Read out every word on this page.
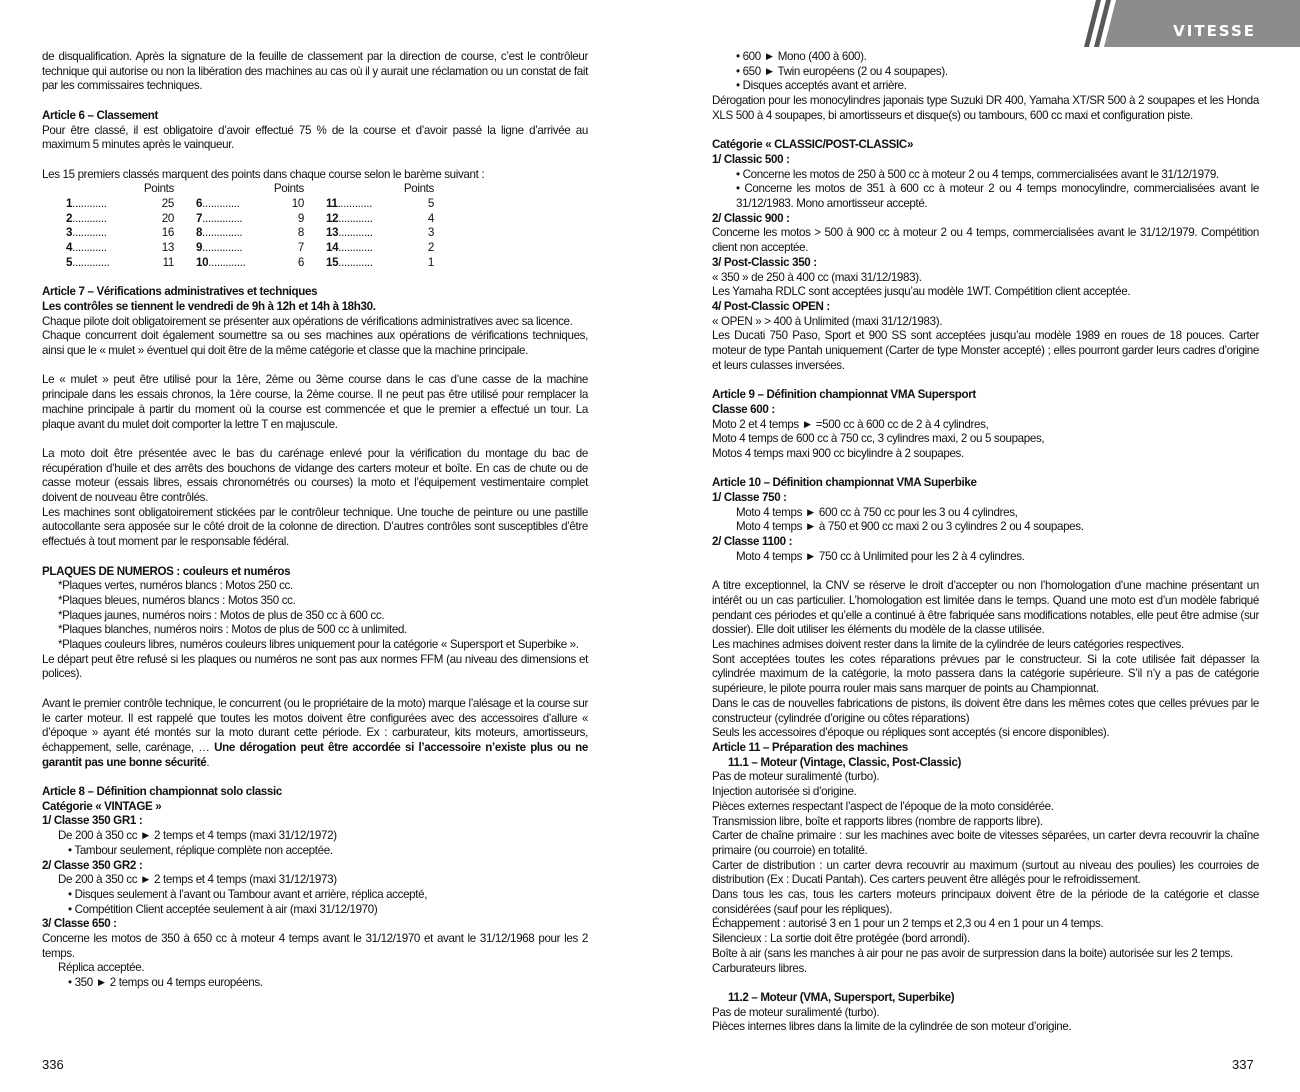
de disqualification. Après la signature de la feuille de classement par la direction de course, c’est le contrôleur technique qui autorise ou non la libération des machines au cas où il y aurait une réclamation ou un constat de fait par les commissaires techniques.

Article 6 – Classement

Pour être classé, il est obligatoire d’avoir effectué 75 % de la course et d’avoir passé la ligne d’arrivée au maximum 5 minutes après le vainqueur.

Les 15 premiers classés marquent des points dans chaque course selon le barème suivant :

Points	Points	Points

1 ............ 25	6 ............. 10	11 ............ 5

2 ............ 20	7 .............. 9	12 ............ 4

3 ............ 16	8 .............. 8	13 ............ 3

4 ............ 13	9 .............. 7	14 ............ 2

5 ............. 11	10 ............. 6	15 ............ 1

Article 7 – Vérifications administratives et techniques

Les contrôles se tiennent le vendredi de 9h à 12h et 14h à 18h30.

Chaque pilote doit obligatoirement se présenter aux opérations de vérifications administratives avec sa licence.

Chaque concurrent doit également soumettre sa ou ses machines aux opérations de vérifications techniques, ainsi que le « mulet » éventuel qui doit être de la même catégorie et classe que la machine principale.

Le « mulet » peut être utilisé pour la 1ère, 2ème ou 3ème course dans le cas d’une casse de la machine principale dans les essais chronos, la 1ère course, la 2ème course. Il ne peut pas être utilisé pour remplacer la machine principale à partir du moment où la course est commencée et que le premier a effectué un tour. La plaque avant du mulet doit comporter la lettre T en majuscule.

La moto doit être présentée avec le bas du carénage enlevé pour la vérification du montage du bac de récupération d’huile et des arrêts des bouchons de vidange des carters moteur et boîte. En cas de chute ou de casse moteur (essais libres, essais chronométrés ou courses) la moto et l’équipement vestimentaire complet doivent de nouveau être contrôlés.

Les machines sont obligatoirement stickées par le contrôleur technique. Une touche de peinture ou une pastille autocollante sera apposée sur le côté droit de la colonne de direction. D’autres contrôles sont susceptibles d’être effectués à tout moment par le responsable fédéral.

PLAQUES DE NUMEROS : couleurs et numéros

*Plaques vertes, numéros blancs : Motos 250 cc.

*Plaques bleues, numéros blancs : Motos 350 cc.

*Plaques jaunes, numéros noirs : Motos de plus de 350 cc à 600 cc.

*Plaques blanches, numéros noirs : Motos de plus de 500 cc à unlimited.

*Plaques couleurs libres, numéros couleurs libres uniquement pour la catégorie « Supersport et Superbike ».

Le départ peut être refusé si les plaques ou numéros ne sont pas aux normes FFM (au niveau des dimensions et polices).

Avant le premier contrôle technique, le concurrent (ou le propriétaire de la moto) marque l’alésage et la course sur le carter moteur. Il est rappelé que toutes les motos doivent être configurées avec des accessoires d’allure « d’époque » ayant été montés sur la moto durant cette période. Ex : carburateur, kits moteurs, amortisseurs, échappement, selle, carénage, … Une dérogation peut être accordée si l’accessoire n’existe plus ou ne garantit pas une bonne sécurité.

Article 8 – Définition championnat solo classic

Catégorie « VINTAGE »

1/ Classe 350 GR1 :

De 200 à 350 cc ► 2 temps et 4 temps (maxi 31/12/1972)

• Tambour seulement, réplique complète non acceptée.

2/ Classe 350 GR2 :

De 200 à 350 cc ► 2 temps et 4 temps (maxi 31/12/1973)

• Disques seulement à l’avant ou Tambour avant et arrière, réplica accepté,

• Compétition Client acceptée seulement à air (maxi 31/12/1970)

3/ Classe 650 :

Concerne les motos de 350 à 650 cc à moteur 4 temps avant le 31/12/1970 et avant le 31/12/1968 pour les 2 temps.

Réplica acceptée.

• 350 ► 2 temps ou 4 temps européens.

336
VITESSE

• 600 ► Mono (400 à 600).

• 650 ► Twin européens (2 ou 4 soupapes).

• Disques acceptés avant et arrière.

Dérogation pour les monocylindres japonais type Suzuki DR 400, Yamaha XT/SR 500 à 2 soupapes et les Honda XLS 500 à 4 soupapes, bi amortisseurs et disque(s) ou tambours, 600 cc maxi et configuration piste.

Catégorie « CLASSIC/POST-CLASSIC»

1/ Classic 500 :

• Concerne les motos de 250 à 500 cc à moteur 2 ou 4 temps, commercialisées avant le 31/12/1979.

• Concerne les motos de 351 à 600 cc à moteur 2 ou 4 temps monocylindre, commercialisées avant le 31/12/1983. Mono amortisseur accepté.

2/ Classic 900 :

Concerne les motos > 500 à 900 cc à moteur 2 ou 4 temps, commercialisées avant le 31/12/1979. Compétition client non acceptée.

3/ Post-Classic 350 :

« 350 » de 250 à 400 cc (maxi 31/12/1983).

Les Yamaha RDLC sont acceptées jusqu’au modèle 1WT. Compétition client acceptée.

4/ Post-Classic OPEN :

« OPEN » > 400 à Unlimited (maxi 31/12/1983).

Les Ducati 750 Paso, Sport et 900 SS sont acceptées jusqu’au modèle 1989 en roues de 18 pouces. Carter moteur de type Pantah uniquement (Carter de type Monster accepté) ; elles pourront garder leurs cadres d’origine et leurs culasses inversées.

Article 9 – Définition championnat VMA Supersport

Classe 600 :

Moto 2 et 4 temps ► =500 cc à 600 cc de 2 à 4 cylindres,

Moto 4 temps de 600 cc à 750 cc, 3 cylindres maxi, 2 ou 5 soupapes,

Motos 4 temps maxi 900 cc bicylindre à 2 soupapes.

Article 10 – Définition championnat VMA Superbike

1/ Classe 750 :

Moto 4 temps ► 600 cc à 750 cc pour les 3 ou 4 cylindres,

Moto 4 temps ► à 750 et 900 cc maxi 2 ou 3 cylindres 2 ou 4 soupapes.

2/ Classe 1100 :

Moto 4 temps ► 750 cc à Unlimited pour les 2 à 4 cylindres.

A titre exceptionnel, la CNV se réserve le droit d’accepter ou non l’homologation d’une machine présentant un intérêt ou un cas particulier. L’homologation est limitée dans le temps. Quand une moto est d’un modèle fabriqué pendant ces périodes et qu’elle a continué à être fabriquée sans modifications notables, elle peut être admise (sur dossier). Elle doit utiliser les éléments du modèle de la classe utilisée.

Les machines admises doivent rester dans la limite de la cylindrée de leurs catégories respectives.

Sont acceptées toutes les cotes réparations prévues par le constructeur. Si la cote utilisée fait dépasser la cylindrée maximum de la catégorie, la moto passera dans la catégorie supérieure. S’il n’y a pas de catégorie supérieure, le pilote pourra rouler mais sans marquer de points au Championnat.

Dans le cas de nouvelles fabrications de pistons, ils doivent être dans les mêmes cotes que celles prévues par le constructeur (cylindrée d’origine ou côtes réparations)

Seuls les accessoires d’époque ou répliques sont acceptés (si encore disponibles).

Article 11 – Préparation des machines

11.1 – Moteur (Vintage, Classic, Post-Classic)

Pas de moteur suralimenté (turbo).

Injection autorisée si d’origine.

Pièces externes respectant l’aspect de l’époque de la moto considérée.

Transmission libre, boîte et rapports libres (nombre de rapports libre).

Carter de chaîne primaire : sur les machines avec boite de vitesses séparées, un carter devra recouvrir la chaîne primaire (ou courroie) en totalité.

Carter de distribution : un carter devra recouvrir au maximum (surtout au niveau des poulies) les courroies de distribution (Ex : Ducati Pantah). Ces carters peuvent être allégés pour le refroidissement.

Dans tous les cas, tous les carters moteurs principaux doivent être de la période de la catégorie et classe considérées (sauf pour les répliques).

Échappement : autorisé 3 en 1 pour un 2 temps et 2,3 ou 4 en 1 pour un 4 temps.

Silencieux : La sortie doit être protégée (bord arrondi).

Boîte à air (sans les manches à air pour ne pas avoir de surpression dans la boite) autorisée sur les 2 temps.

Carburateurs libres.

11.2 – Moteur (VMA, Supersport, Superbike)

Pas de moteur suralimenté (turbo).

Pièces internes libres dans la limite de la cylindrée de son moteur d’origine.

337
